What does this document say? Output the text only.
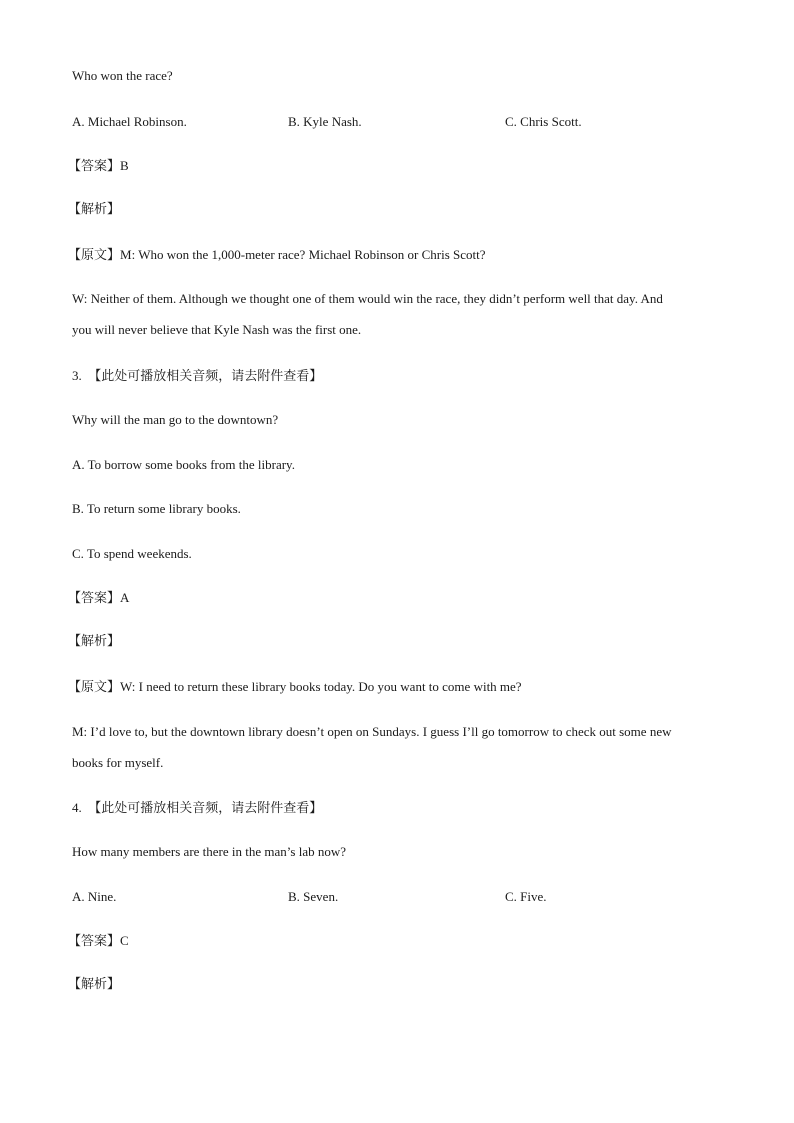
Who won the race?
A. Michael Robinson.	B. Kyle Nash.	C. Chris Scott.
【答案】B
【解析】
【原文】M: Who won the 1,000-meter race? Michael Robinson or Chris Scott?
W: Neither of them. Although we thought one of them would win the race, they didn’t perform well that day. And
you will never believe that Kyle Nash was the first one.
3. 【此处可播放相关音频，请去附件查看】
Why will the man go to the downtown?
A. To borrow some books from the library.
B. To return some library books.
C. To spend weekends.
【答案】A
【解析】
【原文】W: I need to return these library books today. Do you want to come with me?
M: I’d love to, but the downtown library doesn’t open on Sundays. I guess I’ll go tomorrow to check out some new
books for myself.
4. 【此处可播放相关音频，请去附件查看】
How many members are there in the man’s lab now?
A. Nine.	B. Seven.	C. Five.
【答案】C
【解析】
